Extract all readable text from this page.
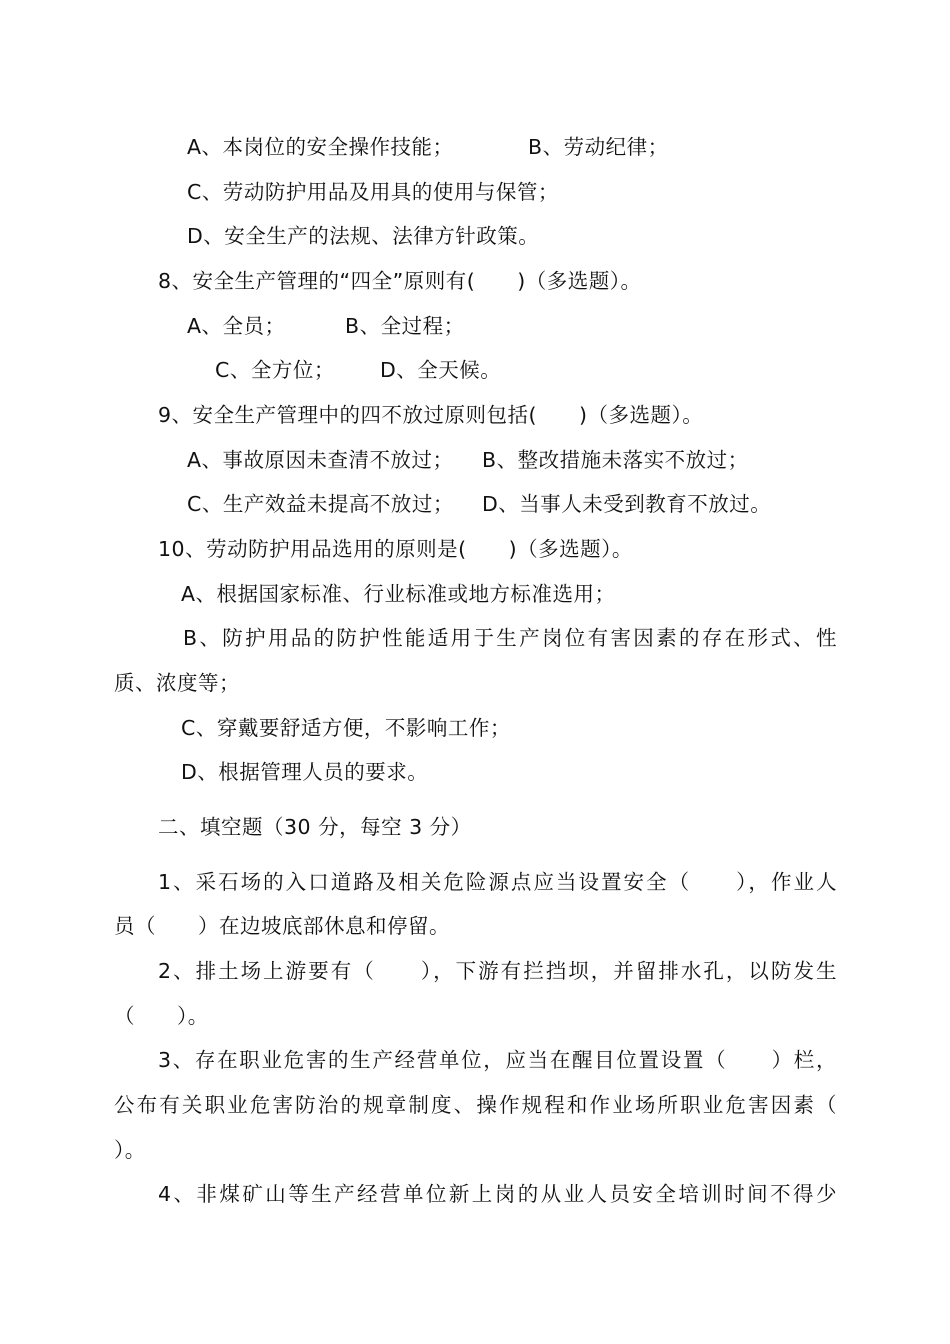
A、本岗位的安全操作技能；	B、劳动纪律；
C、劳动防护用品及用具的使用与保管；
D、安全生产的法规、法律方针政策。
8、安全生产管理的“四全”原则有(　　)（多选题）。
A、全员；	B、全过程；
C、全方位； D、全天候。
9、安全生产管理中的四不放过原则包括(　　)（多选题）。
A、事故原因未查清不放过； B、整改措施未落实不放过；
C、生产效益未提高不放过； D、当事人未受到教育不放过。
10、劳动防护用品选用的原则是(　　)（多选题）。
A、根据国家标准、行业标准或地方标准选用；
B、防护用品的防护性能适用于生产岗位有害因素的存在形式、性
质、浓度等；
C、穿戴要舒适方便，不影响工作；
D、根据管理人员的要求。
二、填空题（30 分，每空 3 分）
1、采石场的入口道路及相关危险源点应当设置安全（　　），作业人
员（　　）在边坡底部休息和停留。
2、排土场上游要有（　　），下游有拦挡坝，并留排水孔，以防发生
（　　）。
3、存在职业危害的生产经营单位，应当在醒目位置设置（　　）栏，
公布有关职业危害防治的规章制度、操作规程和作业场所职业危害因素（
）。
4、非煤矿山等生产经营单位新上岗的从业人员安全培训时间不得少
